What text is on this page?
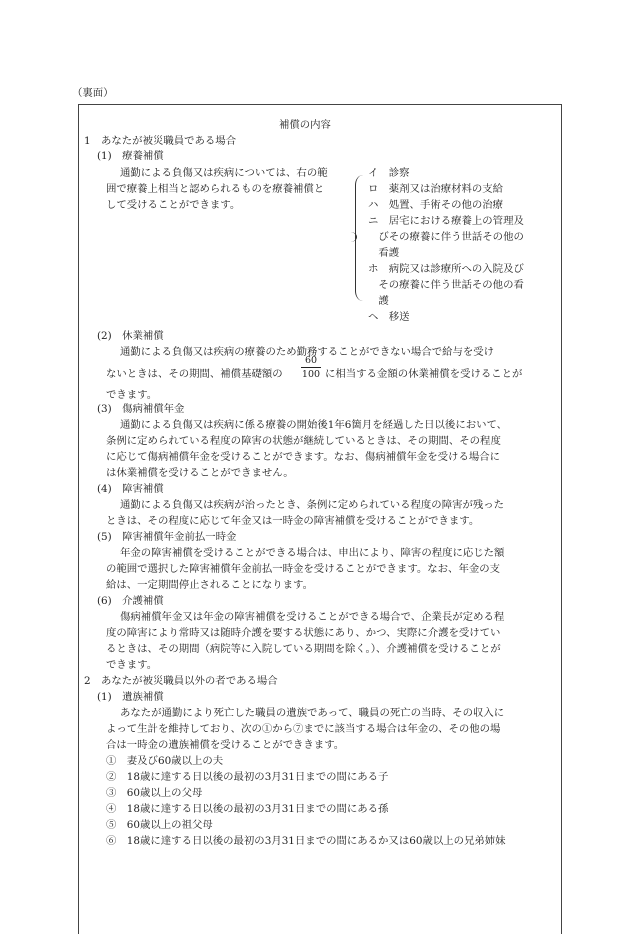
（裏面）
補償の内容
1　あなたが被災職員である場合
(1)　療養補償
通勤による負傷又は疾病については、右の範
囲で療養上相当と認められるものを療養補償と
して受けることができます。
イ　診察
ロ　薬剤又は治療材料の支給
ハ　処置、手術その他の治療
ニ　居宅における療養上の管理及
　びその療養に伴う世話その他の
　看護
ホ　病院又は診療所への入院及び
　その療養に伴う世話その他の看
　護
ヘ　移送
(2)　休業補償
通勤による負傷又は疾病の療養のため勤務することができない場合で給与を受け
ないときは、その期間、補償基礎額の
60
100 に相当する金額の休業補償を受けることが
できます。
(3)　傷病補償年金
通勤による負傷又は疾病に係る療養の開始後1年6箇月を経過した日以後において、
条例に定められている程度の障害の状態が継続しているときは、その期間、その程度
に応じて傷病補償年金を受けることができます。なお、傷病補償年金を受ける場合に
は休業補償を受けることができません。
(4)　障害補償
通勤による負傷又は疾病が治ったとき、条例に定められている程度の障害が残った
ときは、その程度に応じて年金又は一時金の障害補償を受けることができます。
(5)　障害補償年金前払一時金
年金の障害補償を受けることができる場合は、申出により、障害の程度に応じた額
の範囲で選択した障害補償年金前払一時金を受けることができます。なお、年金の支
給は、一定期間停止されることになります。
(6)　介護補償
傷病補償年金又は年金の障害補償を受けることができる場合で、企業長が定める程
度の障害により常時又は随時介護を要する状態にあり、かつ、実際に介護を受けてい
るときは、その期間（病院等に入院している期間を除く。）、介護補償を受けることが
できます。
2　あなたが被災職員以外の者である場合
(1)　遺族補償
あなたが通勤により死亡した職員の遺族であって、職員の死亡の当時、その収入に
よって生計を維持しており、次の①から⑦までに該当する場合は年金の、その他の場
合は一時金の遺族補償を受けることができきます。
①　妻及び60歳以上の夫
②　18歳に達する日以後の最初の3月31日までの間にある子
③　60歳以上の父母
④　18歳に達する日以後の最初の3月31日までの間にある孫
⑤　60歳以上の祖父母
⑥　18歳に達する日以後の最初の3月31日までの間にあるか又は60歳以上の兄弟姉妹
